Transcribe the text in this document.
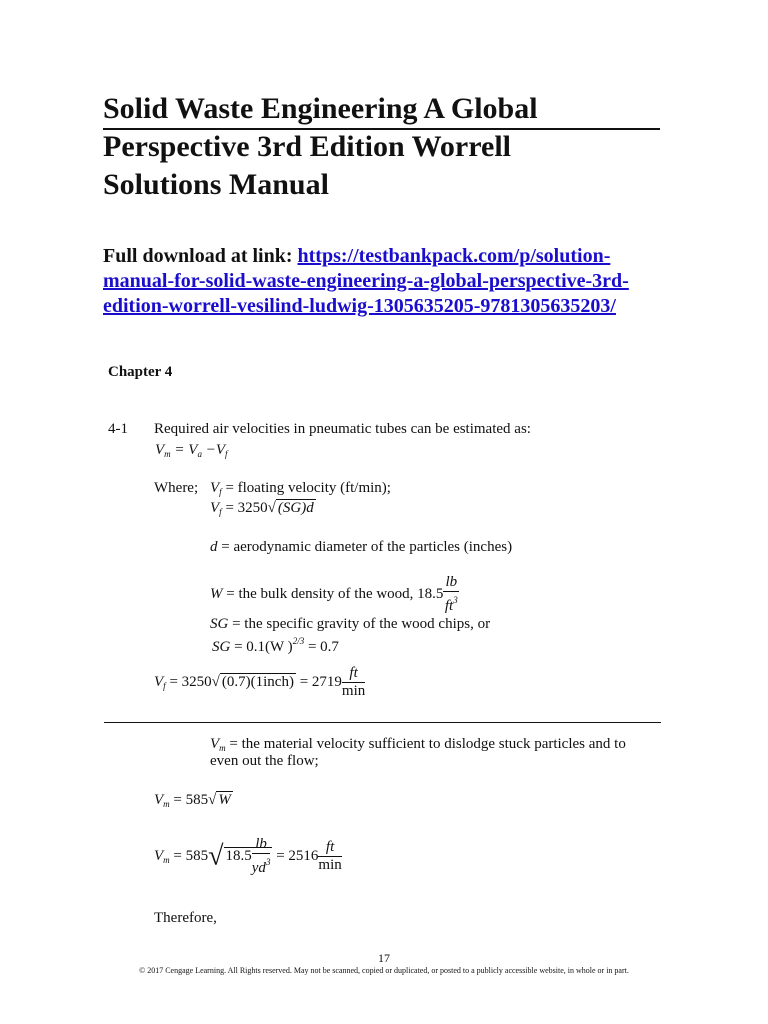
Solid Waste Engineering A Global
Perspective 3rd Edition Worrell
Solutions Manual
Full download at link: https://testbankpack.com/p/solution-
manual-for-solid-waste-engineering-a-global-perspective-3rd-
edition-worrell-vesilind-ludwig-1305635205-9781305635203/
Chapter 4
4-1 Required air velocities in pneumatic tubes can be estimated as:
$V_m = V_a -V_f$
Where; $V_f$ = floating velocity (ft/min);
$V_f = 3250√$ (SG)d
d = aerodynamic diameter of the particles (inches)
W = the bulk density of the wood, $18.5 \frac{lb}{ft^3}$
SG = the specific gravity of the wood chips, or
SG = 0.1(W )$^{2/3}$ = 0.7
$V_f = 3250√$ (0.7)(1inch) = $2719 \frac{ft}{\min}$
$V_m$ = the material velocity sufficient to dislodge stuck particles and to
even out the flow;
$V_m = 585√$ W
$V_m = 585√$ $18.5 \frac{lb}{yd^3} = 2516 \frac{ft}{\min}$
Therefore,
17
© 2017 Cengage Learning. All Rights reserved. May not be scanned, copied or duplicated, or posted to a publicly accessible website, in whole or in part.
